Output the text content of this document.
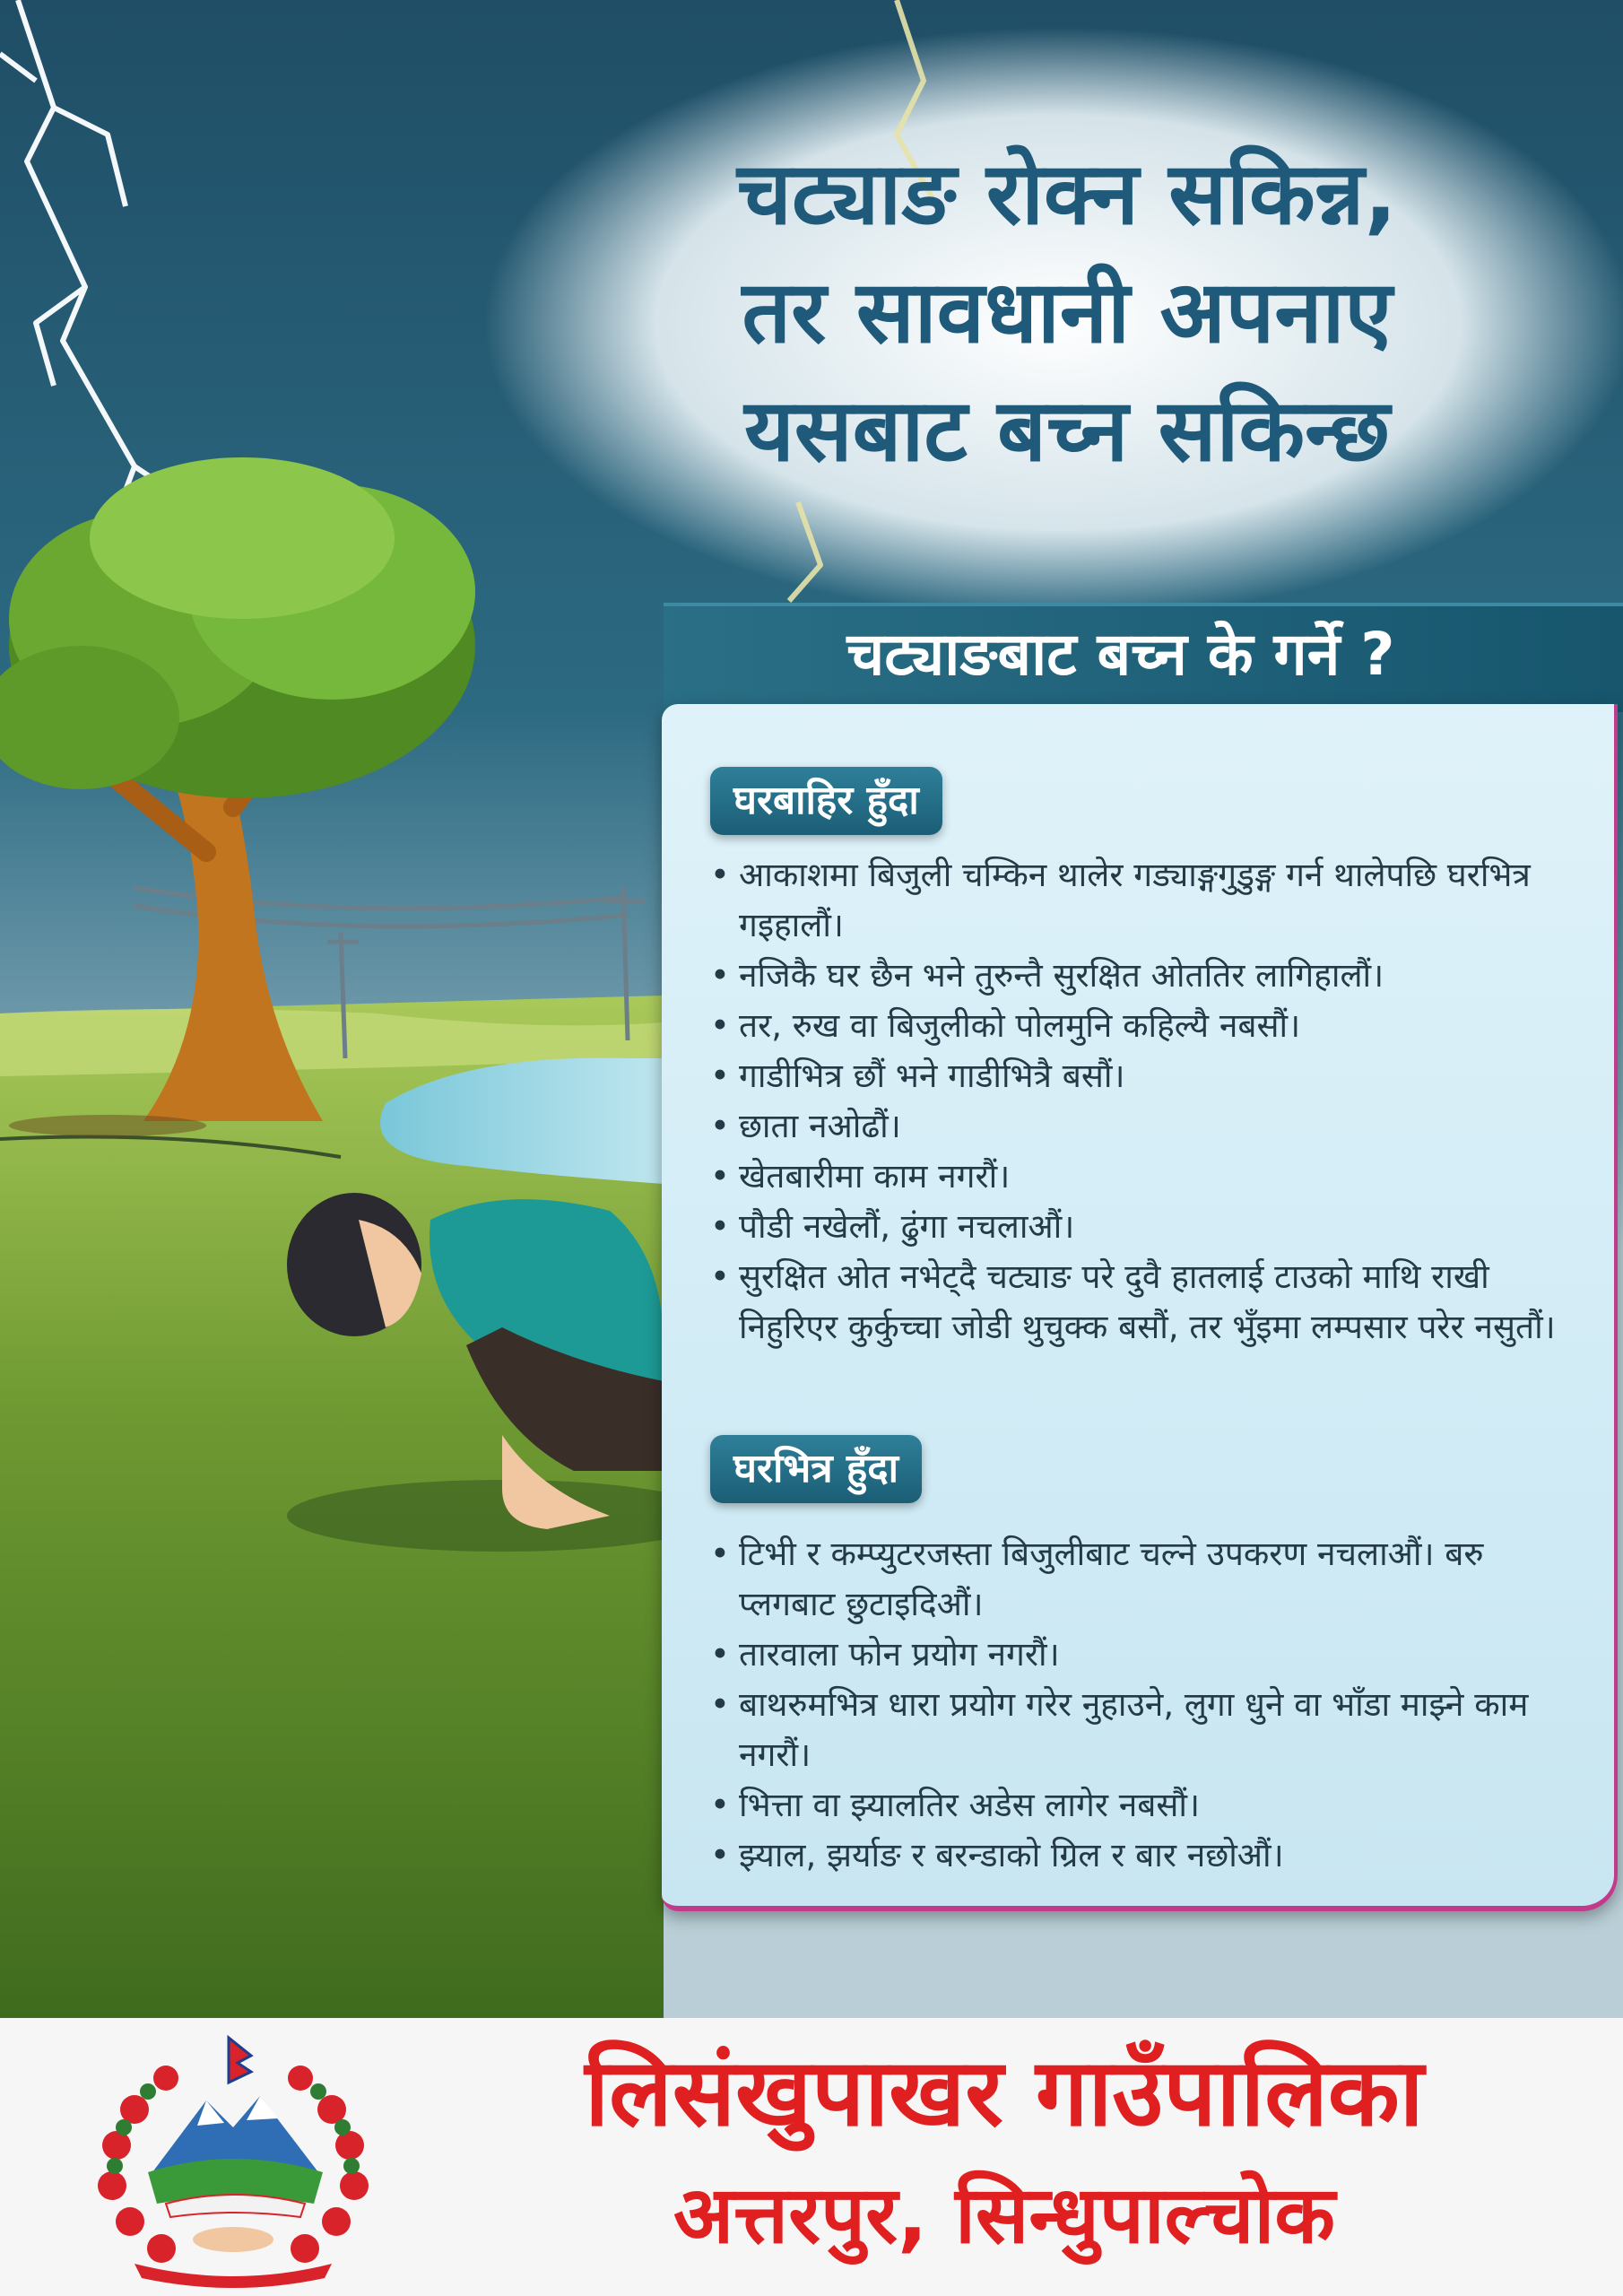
चट्याङ रोक्न सकिन्न,
तर सावधानी अपनाए
यसबाट बच्न सकिन्छ
चट्याङबाट बच्न के गर्ने ?
घरबाहिर हुँदा
• आकाशमा बिजुली चम्किन थालेर गड्याङ्गगुडुङ्ग गर्न थालेपछि घरभित्र गइहालौं।
• नजिकै घर छैन भने तुरुन्तै सुरक्षित ओततिर लागिहालौं।
• तर, रुख वा बिजुलीको पोलमुनि कहिल्यै नबसौं।
• गाडीभित्र छौं भने गाडीभित्रै बसौं।
• छाता नओढौं।
• खेतबारीमा काम नगरौं।
• पौडी नखेलौं, ढुंगा नचलाऔं।
• सुरक्षित ओत नभेट्दै चट्याङ परे दुवै हातलाई टाउको माथि राखी निहुरिएर कुर्कुच्चा जोडी थुचुक्क बसौं, तर भुँइमा लम्पसार परेर नसुतौं।
घरभित्र हुँदा
• टिभी र कम्प्युटरजस्ता बिजुलीबाट चल्ने उपकरण नचलाऔं। बरु प्लगबाट छुटाइदिऔं।
• तारवाला फोन प्रयोग नगरौं।
• बाथरुमभित्र धारा प्रयोग गरेर नुहाउने, लुगा धुने वा भाँडा माझ्ने काम नगरौं।
• भित्ता वा झ्यालतिर अडेस लागेर नबसौं।
• झ्याल, झर्याङ र बरन्डाको ग्रिल र बार नछोऔं।
लिसंखुपाखर गाउँपालिका
अत्तरपुर, सिन्धुपाल्चोक
